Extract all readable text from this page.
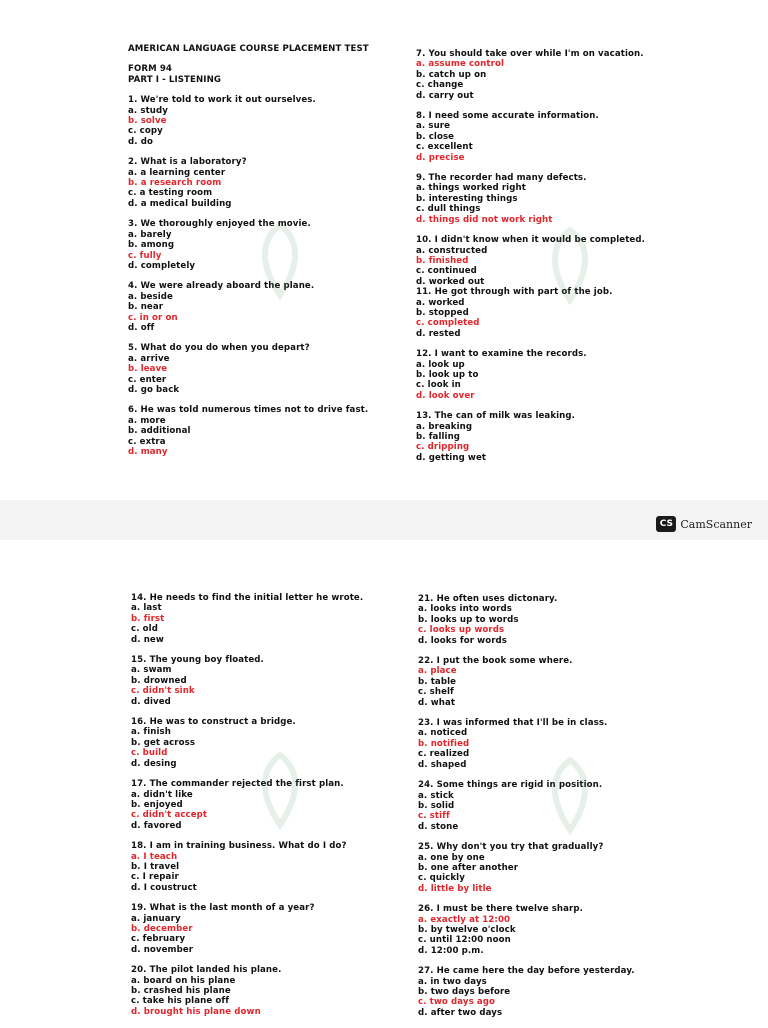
AMERICAN LANGUAGE COURSE PLACEMENT TEST

FORM 94

PART I - LISTENING

1. We're told to work it out ourselves.

a. study

b. solve

c. copy

d. do

2. What is a laboratory?

a. a learning center

b. a research room

c. a testing room

d. a medical building

3. We thoroughly enjoyed the movie.

a. barely

b. among

c. fully

d. completely

4. We were already aboard the plane.

a. beside

b. near

c. in or on

d. off

5. What do you do when you depart?

a. arrive

b. leave

c. enter

d. go back

6. He was told numerous times not to drive fast.

a. more

b. additional

c. extra

d. many

7. You should take over while I'm on vacation.

a. assume control

b. catch up on

c. change

d. carry out

8. I need some accurate information.

a. sure

b. close

c. excellent

d. precise

9. The recorder had many defects.

a. things worked right

b. interesting things

c. dull things

d. things did not work right

10. I didn't know when it would be completed.

a. constructed

b. finished

c. continued

d. worked out

11. He got through with part of the job.

a. worked

b. stopped

c. completed

d. rested

12. I want to examine the records.

a. look up

b. look up to

c. look in

d. look over

13. The can of milk was leaking.

a. breaking

b. falling

c. dripping

d. getting wet

CS CamScanner

14. He needs to find the initial letter he wrote.

a. last

b. first

c. old

d. new

15. The young boy floated.

a. swam

b. drowned

c. didn't sink

d. dived

16. He was to construct a bridge.

a. finish

b. get across

c. build

d. desing

17. The commander rejected the first plan.

a. didn't like

b. enjoyed

c. didn't accept

d. favored

18. I am in training business. What do I do?

a. I teach

b. I travel

c. I repair

d. I coustruct

19. What is the last month of a year?

a. january

b. december

c. february

d. november

20. The pilot landed his plane.

a. board on his plane

b. crashed his plane

c. take his plane off

d. brought his plane down

21. He often uses dictonary.

a. looks into words

b. looks up to words

c. looks up words

d. looks for words

22. I put the book some where.

a. place

b. table

c. shelf

d. what

23. I was informed that I'll be in class.

a. noticed

b. notified

c. realized

d. shaped

24. Some things are rigid in position.

a. stick

b. solid

c. stiff

d. stone

25. Why don't you try that gradually?

a. one by one

b. one after another

c. quickly

d. little by litle

26. I must be there twelve sharp.

a. exactly at 12:00

b. by twelve o'clock

c. until 12:00 noon

d. 12:00 p.m.

27. He came here the day before yesterday.

a. in two days

b. two days before

c. two days ago

d. after two days
